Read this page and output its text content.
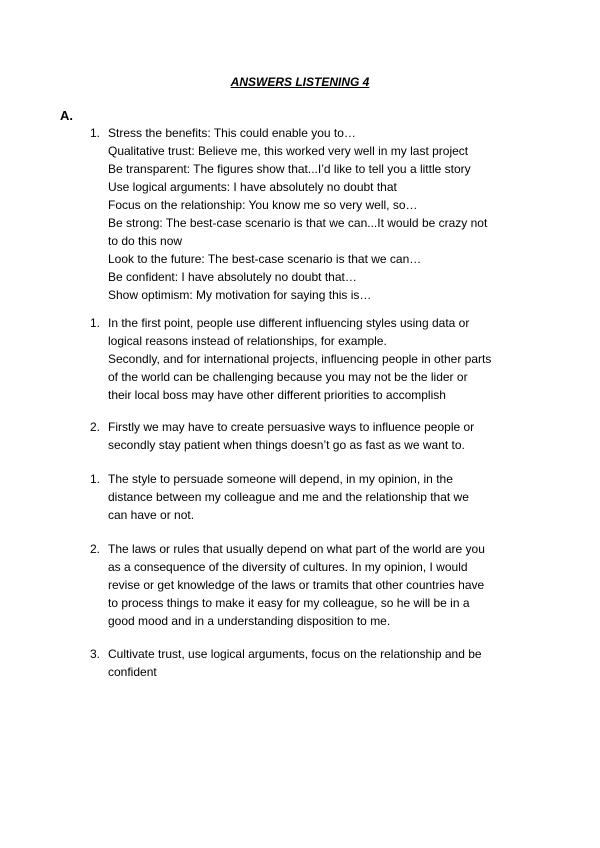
ANSWERS LISTENING 4
A.
1. Stress the benefits: This could enable you to…
Qualitative trust: Believe me, this worked very well in my last project
Be transparent: The figures show that...I’d like to tell you a little story
Use logical arguments: I have absolutely no doubt that
Focus on the relationship: You know me so very well, so…
Be strong: The best-case scenario is that we can...It would be crazy not
to do this now
Look to the future: The best-case scenario is that we can…
Be confident: I have absolutely no doubt that…
Show optimism: My motivation for saying this is…
1. In the first point, people use different influencing styles using data or
logical reasons instead of relationships, for example.
Secondly, and for international projects, influencing people in other parts
of the world can be challenging because you may not be the lider or
their local boss may have other different priorities to accomplish
2. Firstly we may have to create persuasive ways to influence people or
secondly stay patient when things doesn’t go as fast as we want to.
1. The style to persuade someone will depend, in my opinion, in the
distance between my colleague and me and the relationship that we
can have or not.
2. The laws or rules that usually depend on what part of the world are you
as a consequence of the diversity of cultures. In my opinion, I would
revise or get knowledge of the laws or tramits that other countries have
to process things to make it easy for my colleague, so he will be in a
good mood and in a understanding disposition to me.
3. Cultivate trust, use logical arguments, focus on the relationship and be
confident
